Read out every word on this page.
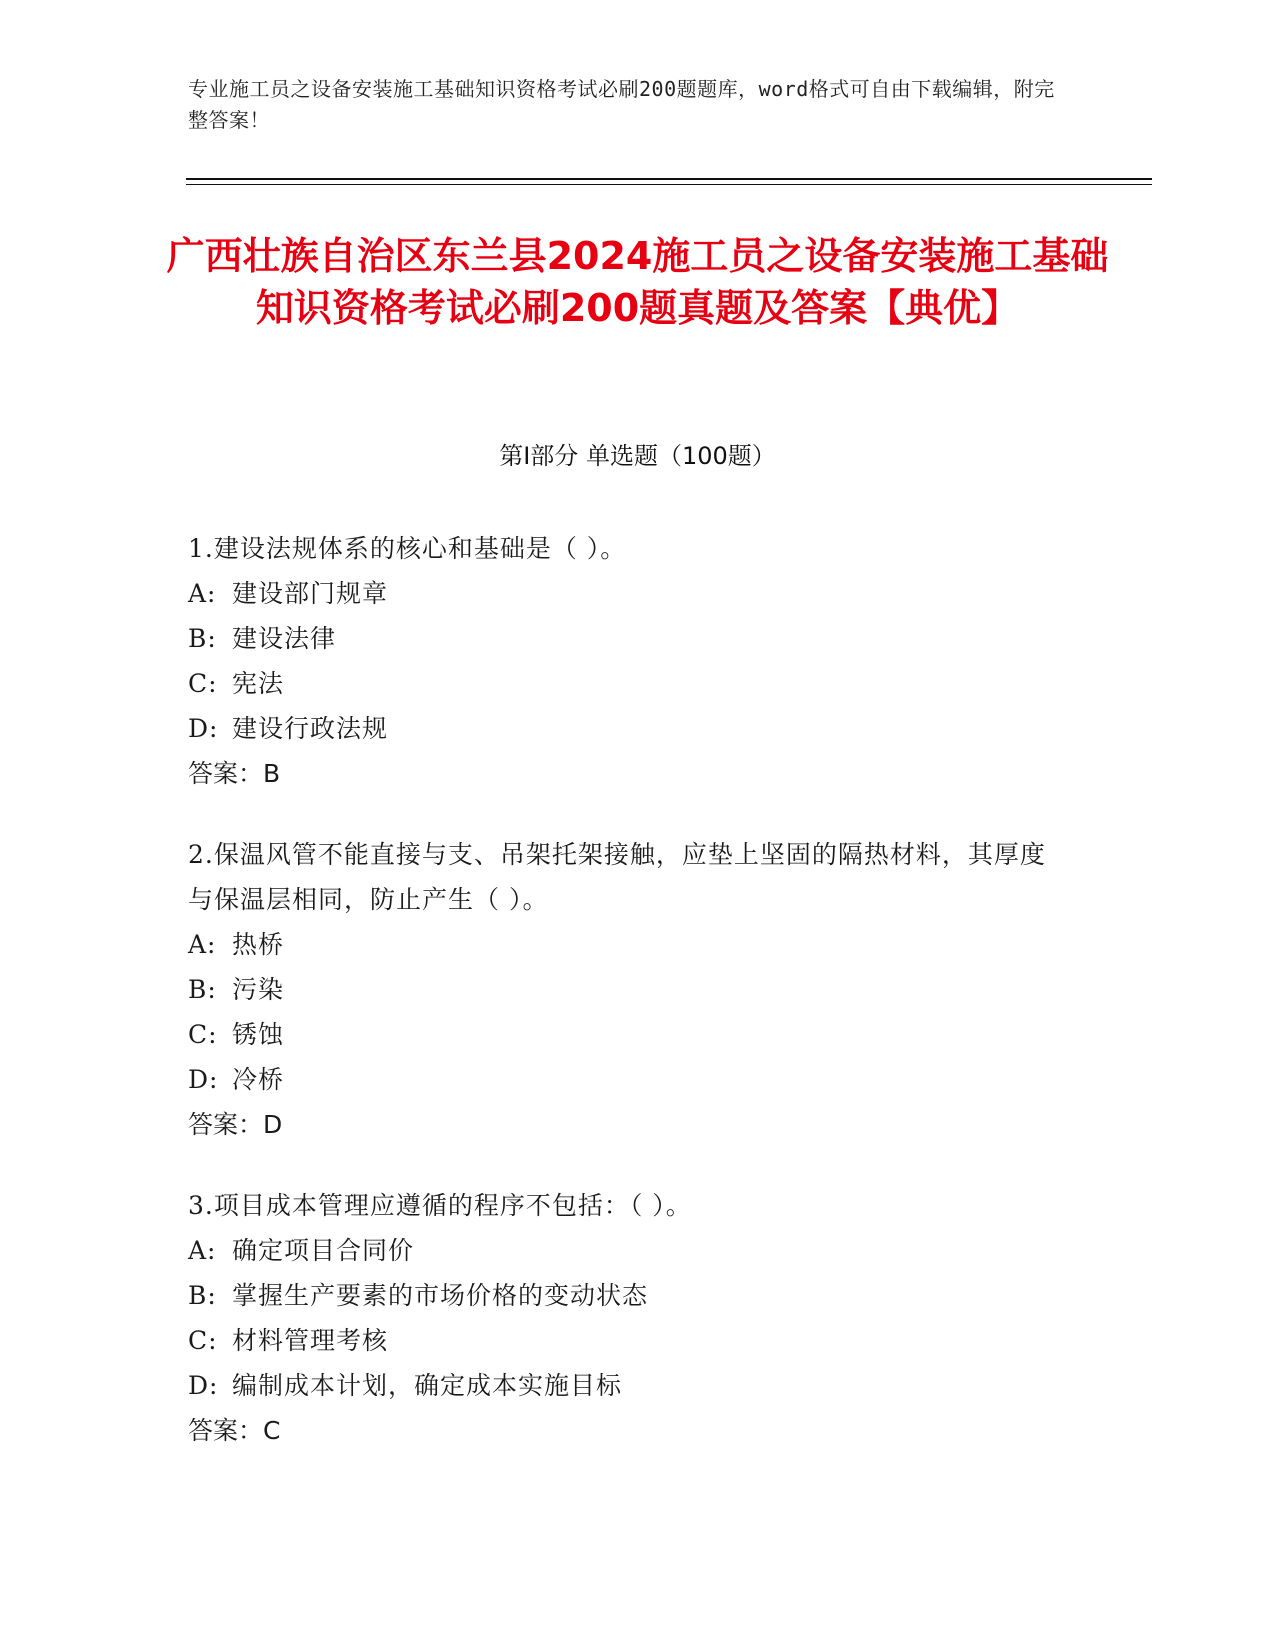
专业施工员之设备安装施工基础知识资格考试必刷200题题库，word格式可自由下载编辑，附完整答案！
广西壮族自治区东兰县2024施工员之设备安装施工基础知识资格考试必刷200题真题及答案【典优】
第Ⅰ部分 单选题（100题）
1.建设法规体系的核心和基础是（ ）。
A: 建设部门规章
B: 建设法律
C: 宪法
D: 建设行政法规
答案：B
2.保温风管不能直接与支、吊架托架接触，应垫上坚固的隔热材料，其厚度与保温层相同，防止产生（ ）。
A: 热桥
B: 污染
C: 锈蚀
D: 冷桥
答案：D
3.项目成本管理应遵循的程序不包括：（ ）。
A: 确定项目合同价
B: 掌握生产要素的市场价格的变动状态
C: 材料管理考核
D: 编制成本计划，确定成本实施目标
答案：C
